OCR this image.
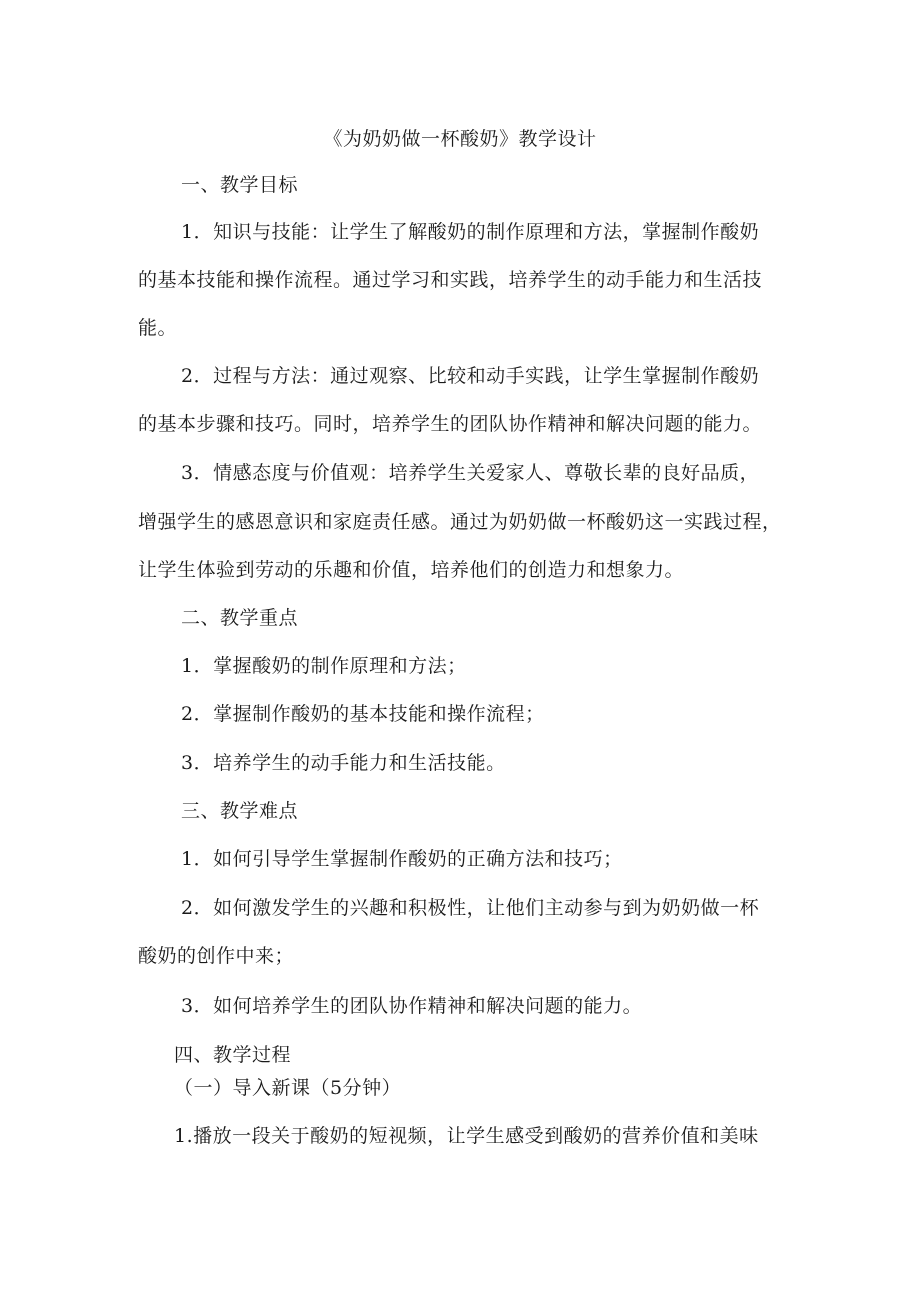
《为奶奶做一杯酸奶》教学设计
一、教学目标
1．知识与技能：让学生了解酸奶的制作原理和方法，掌握制作酸奶
的基本技能和操作流程。通过学习和实践，培养学生的动手能力和生活技
能。
2．过程与方法：通过观察、比较和动手实践，让学生掌握制作酸奶
的基本步骤和技巧。同时，培养学生的团队协作精神和解决问题的能力。
3．情感态度与价值观：培养学生关爱家人、尊敬长辈的良好品质，
增强学生的感恩意识和家庭责任感。通过为奶奶做一杯酸奶这一实践过程，
让学生体验到劳动的乐趣和价值，培养他们的创造力和想象力。
二、教学重点
1．掌握酸奶的制作原理和方法；
2．掌握制作酸奶的基本技能和操作流程；
3．培养学生的动手能力和生活技能。
三、教学难点
1．如何引导学生掌握制作酸奶的正确方法和技巧；
2．如何激发学生的兴趣和积极性，让他们主动参与到为奶奶做一杯
酸奶的创作中来；
3．如何培养学生的团队协作精神和解决问题的能力。
四、教学过程
（一）导入新课（5分钟）
1.播放一段关于酸奶的短视频，让学生感受到酸奶的营养价值和美味
